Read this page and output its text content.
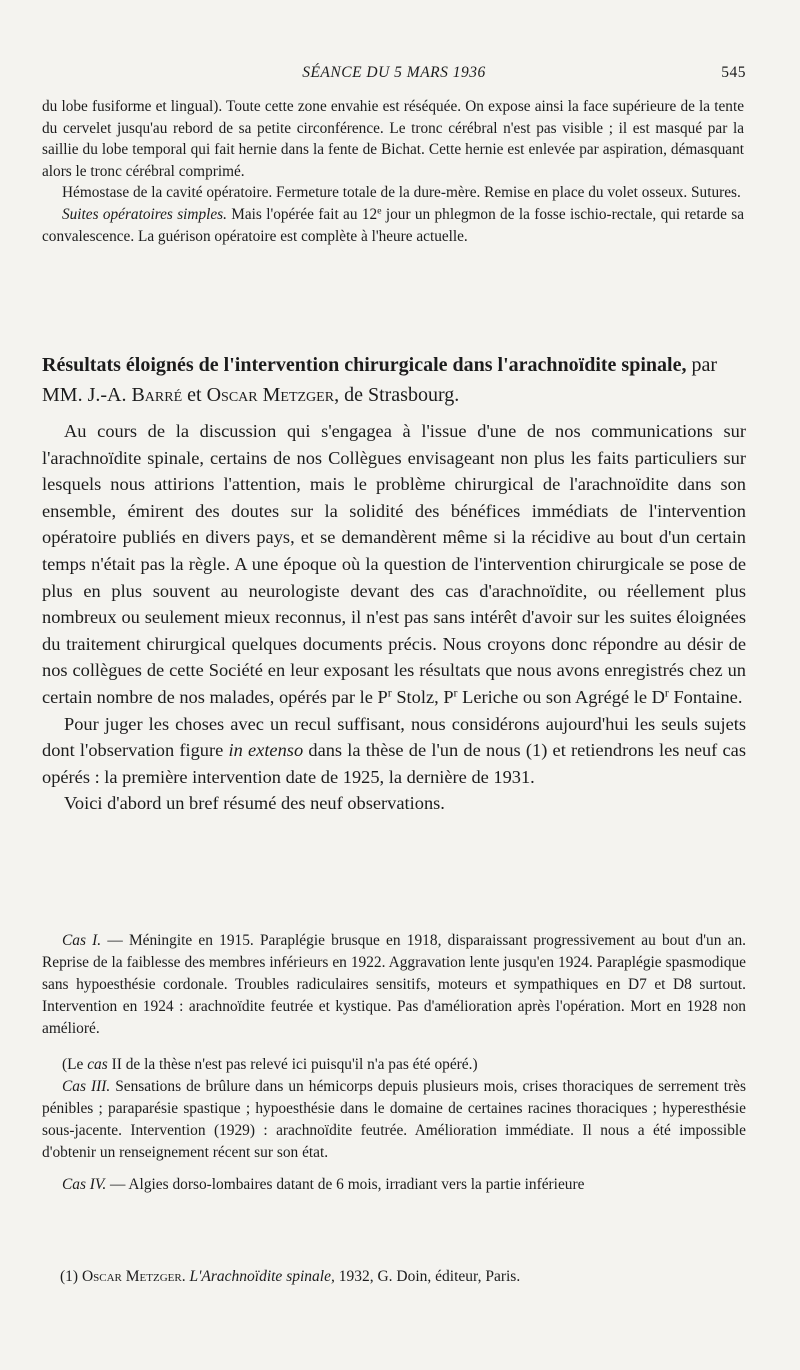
SÉANCE DU 5 MARS 1936	545

du lobe fusiforme et lingual). Toute cette zone envahie est réséquée. On expose ainsi la face supérieure de la tente du cervelet jusqu'au rebord de sa petite circonférence. Le tronc cérébral n'est pas visible ; il est masqué par la saillie du lobe temporal qui fait hernie dans la fente de Bichat. Cette hernie est enlevée par aspiration, démasquant alors le tronc cérébral comprimé.

Hémostase de la cavité opératoire. Fermeture totale de la dure-mère. Remise en place du volet osseux. Sutures.

Suites opératoires simples. Mais l'opérée fait au 12e jour un phlegmon de la fosse ischio-rectale, qui retarde sa convalescence. La guérison opératoire est complète à l'heure actuelle.

Résultats éloignés de l'intervention chirurgicale dans l'arachnoïdite spinale, par MM. J.-A. Barré et Oscar Metzger, de Strasbourg.

Au cours de la discussion qui s'engagea à l'issue d'une de nos communications sur l'arachnoïdite spinale, certains de nos Collègues envisageant non plus les faits particuliers sur lesquels nous attirions l'attention, mais le problème chirurgical de l'arachnoïdite dans son ensemble, émirent des doutes sur la solidité des bénéfices immédiats de l'intervention opératoire publiés en divers pays, et se demandèrent même si la récidive au bout d'un certain temps n'était pas la règle. A une époque où la question de l'intervention chirurgicale se pose de plus en plus souvent au neurologiste devant des cas d'arachnoïdite, ou réellement plus nombreux ou seulement mieux reconnus, il n'est pas sans intérêt d'avoir sur les suites éloignées du traitement chirurgical quelques documents précis. Nous croyons donc répondre au désir de nos collègues de cette Société en leur exposant les résultats que nous avons enregistrés chez un certain nombre de nos malades, opérés par le $P^r$ Stolz, $P^r$ Leriche ou son Agrégé le $D^r$ Fontaine.

Pour juger les choses avec un recul suffisant, nous considérons aujourd'hui les seuls sujets dont l'observation figure in extenso dans la thèse de l'un de nous (1) et retiendrons les neuf cas opérés : la première intervention date de 1925, la dernière de 1931.

Voici d'abord un bref résumé des neuf observations.

Cas I. — Méningite en 1915. Paraplégie brusque en 1918, disparaissant progressivement au bout d'un an. Reprise de la faiblesse des membres inférieurs en 1922. Aggravation lente jusqu'en 1924. Paraplégie spasmodique sans hypoesthésie cordonale. Troubles radiculaires sensitifs, moteurs et sympathiques en D7 et D8 surtout. Intervention en 1924 : arachnoïdite feutrée et kystique. Pas d'amélioration après l'opération. Mort en 1928 non amélioré.

(Le cas II de la thèse n'est pas relevé ici puisqu'il n'a pas été opéré.)

Cas III. Sensations de brûlure dans un hémicorps depuis plusieurs mois, crises thoraciques de serrement très pénibles ; paraparésie spastique ; hypoesthésie dans le domaine de certaines racines thoraciques ; hyperesthésie sous-jacente. Intervention (1929) : arachnoïdite feutrée. Amélioration immédiate. Il nous a été impossible d'obtenir un renseignement récent sur son état.

Cas IV. — Algies dorso-lombaires datant de 6 mois, irradiant vers la partie inférieure

(1) Oscar Metzger. L'Arachnoïdite spinale, 1932, G. Doin, éditeur, Paris.
